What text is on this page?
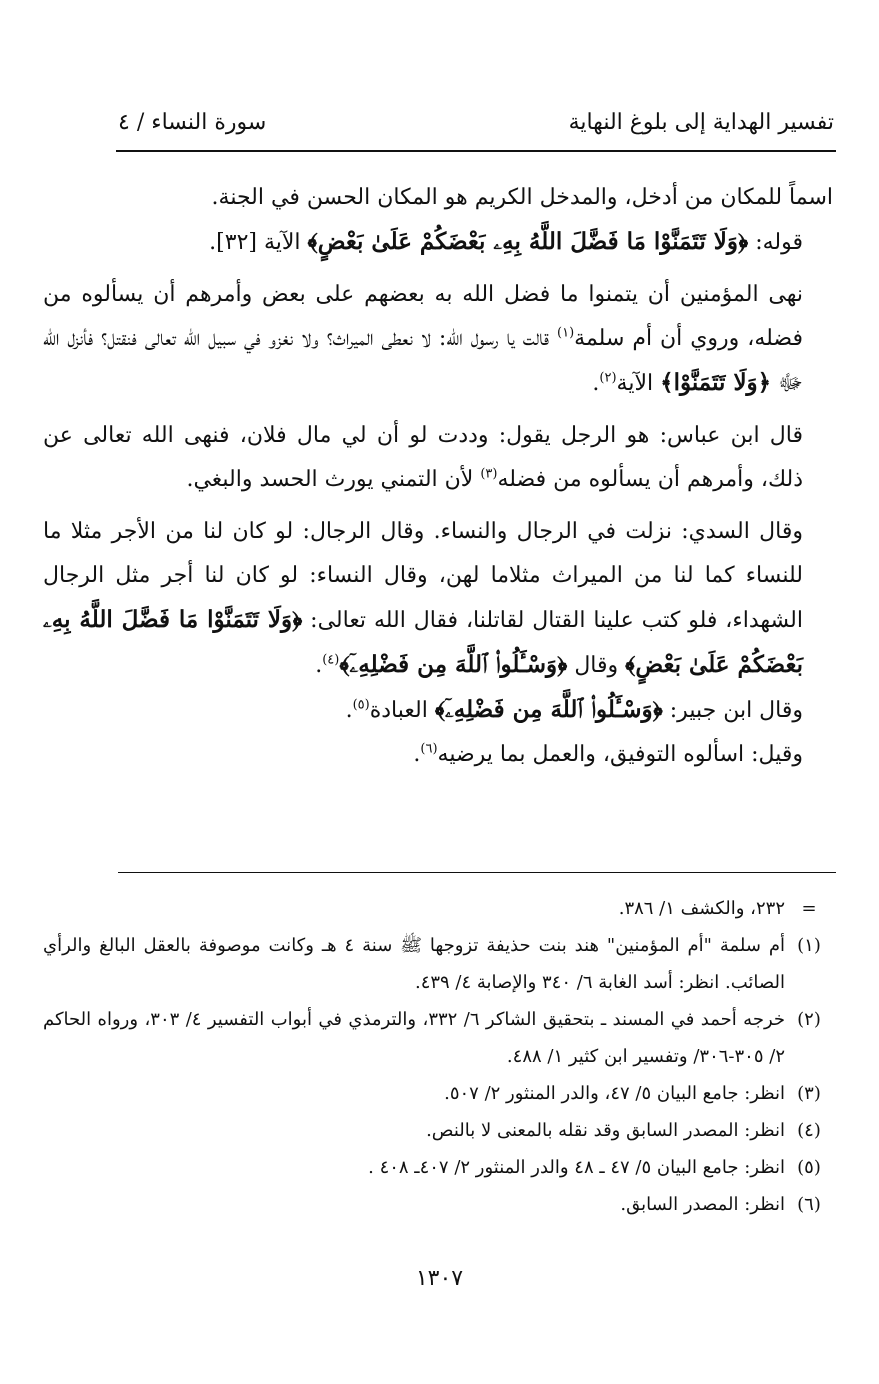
تفسير الهداية إلى بلوغ النهاية
سورة النساء / ٤

اسماً للمكان من أدخل، والمدخل الكريم هو المكان الحسن في الجنة.

قوله: ﴿وَلَا تَتَمَنَّوْا مَا فَضَّلَ اللَّهُ بِهِۦ بَعْضَكُمْ عَلَىٰ بَعْضٍ﴾ الآية [٣٢].

نهى المؤمنين أن يتمنوا ما فضل الله به بعضهم على بعض وأمرهم أن يسألوه من فضله، وروي أن أم سلمة$^{(١)}$ قالت يا رسول الله: لا نعطى الميراث؟ ولا نغزو في سبيل الله تعالى فنقتل؟ فأنزل الله ﷻ ﴿وَلَا تَتَمَنَّوْا﴾ الآية$^{(٢)}$.

قال ابن عباس: هو الرجل يقول: وددت لو أن لي مال فلان، فنهى الله تعالى عن ذلك، وأمرهم أن يسألوه من فضله$^{(٣)}$ لأن التمني يورث الحسد والبغي.

وقال السدي: نزلت في الرجال والنساء. وقال الرجال: لو كان لنا من الأجر مثلا ما للنساء كما لنا من الميراث مثلاما لهن، وقال النساء: لو كان لنا أجر مثل الرجال الشهداء، فلو كتب علينا القتال لقاتلنا، فقال الله تعالى: ﴿وَلَا تَتَمَنَّوْا مَا فَضَّلَ اللَّهُ بِهِۦ بَعْضَكُمْ عَلَىٰ بَعْضٍ﴾ وقال ﴿وَسْـَٔلُوا۟ ٱللَّهَ مِن فَضْلِهِۦٓ﴾$^{(٤)}$.

وقال ابن جبير: ﴿وَسْـَٔلُوا۟ ٱللَّهَ مِن فَضْلِهِۦٓ﴾ العبادة$^{(٥)}$.

وقيل: اسألوه التوفيق، والعمل بما يرضيه$^{(٦)}$.

=
٢٣٢، والكشف ١/ ٣٨٦.
(١)
أم سلمة "أم المؤمنين" هند بنت حذيفة تزوجها ﷺ سنة ٤ هـ وكانت موصوفة بالعقل البالغ والرأي الصائب. انظر: أسد الغابة ٦/ ٣٤٠ والإصابة ٤/ ٤٣٩.
(٢)
خرجه أحمد في المسند ـ بتحقيق الشاكر ٦/ ٣٣٢، والترمذي في أبواب التفسير ٤/ ٣٠٣، ورواه الحاكم ٢/ ٣٠٥-٣٠٦/ وتفسير ابن كثير ١/ ٤٨٨.
(٣)
انظر: جامع البيان ٥/ ٤٧، والدر المنثور ٢/ ٥٠٧.
(٤)
انظر: المصدر السابق وقد نقله بالمعنى لا بالنص.
(٥)
انظر: جامع البيان ٥/ ٤٧ ـ ٤٨ والدر المنثور ٢/ ٤٠٧ـ ٤٠٨ .
(٦)
انظر: المصدر السابق.
١٣٠٧
